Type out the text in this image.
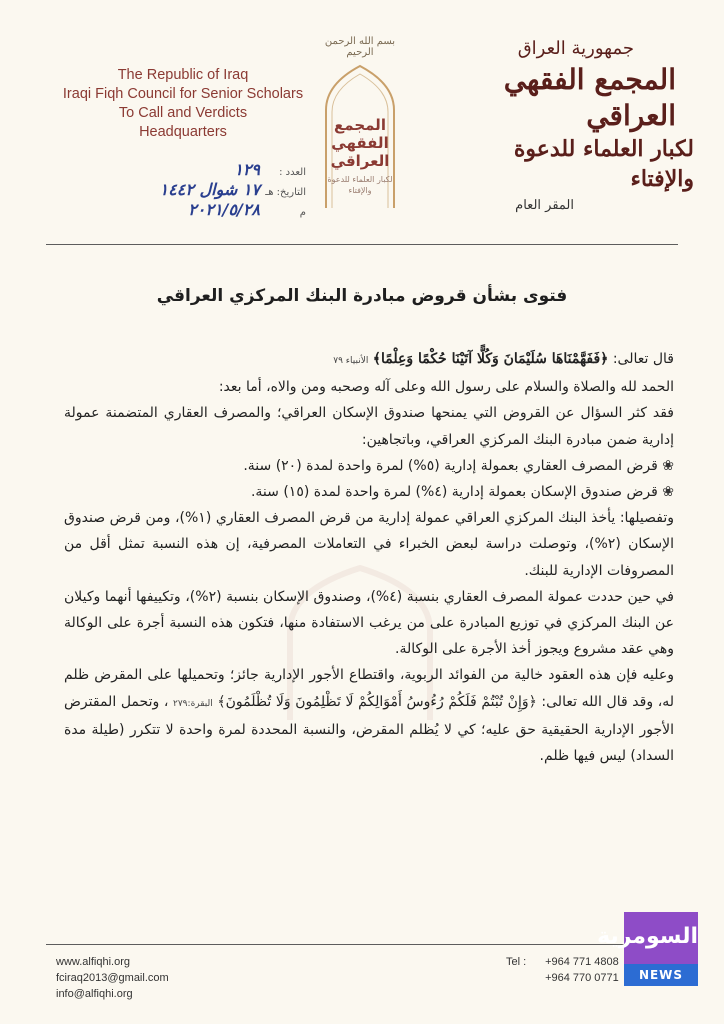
The Republic of Iraq
Iraqi Fiqh Council for Senior Scholars
To Call and Verdicts
Headquarters
بسم الله الرحمن الرحيم
المجمع الفقهي العراقي
لكبار العلماء للدعوة والإفتاء
جمهورية العراق
المجمع الفقهي العراقي
لكبار العلماء للدعوة والإفتاء
المقر العام
العدد :
١٢٩
التاريخ: هـ
١٧ شوال ١٤٤٢
م
٢٠٢١/٥/٢٨
فتوى بشأن قروض مبادرة البنك المركزي العراقي

قال تعالى: ﴿فَفَهَّمْنَاهَا سُلَيْمَانَ وَكُلًّا آتَيْنَا حُكْمًا وَعِلْمًا﴾ الأنبياء ٧٩

الحمد لله والصلاة والسلام على رسول الله وعلى آله وصحبه ومن والاه، أما بعد:

فقد كثر السؤال عن القروض التي يمنحها صندوق الإسكان العراقي؛ والمصرف العقاري المتضمنة عمولة إدارية ضمن مبادرة البنك المركزي العراقي، وباتجاهين:

❀ قرض المصرف العقاري بعمولة إدارية (٥%) لمرة واحدة لمدة (٢٠) سنة.

❀ قرض صندوق الإسكان بعمولة إدارية (٤%) لمرة واحدة لمدة (١٥) سنة.

وتفصيلها: يأخذ البنك المركزي العراقي عمولة إدارية من قرض المصرف العقاري (١%)، ومن قرض صندوق الإسكان (٢%)، وتوصلت دراسة لبعض الخبراء في التعاملات المصرفية، إن هذه النسبة تمثل أقل من المصروفات الإدارية للبنك.

في حين حددت عمولة المصرف العقاري بنسبة (٤%)، وصندوق الإسكان بنسبة (٢%)، وتكييفها أنهما وكيلان عن البنك المركزي في توزيع المبادرة على من يرغب الاستفادة منها، فتكون هذه النسبة أجرة على الوكالة وهي عقد مشروع ويجوز أخذ الأجرة على الوكالة.

وعليه فإن هذه العقود خالية من الفوائد الربوية، واقتطاع الأجور الإدارية جائز؛ وتحميلها على المقرض ظلم له، وقد قال الله تعالى: ﴿وَإِنْ تُبْتُمْ فَلَكُمْ رُءُوسُ أَمْوَالِكُمْ لَا تَظْلِمُونَ وَلَا تُظْلَمُونَ﴾ البقرة:٢٧٩ ، وتحمل المقترض الأجور الإدارية الحقيقية حق عليه؛ كي لا يُظلم المقرض، والنسبة المحددة لمرة واحدة لا تتكرر (طيلة مدة السداد) ليس فيها ظلم.

www.alfiqhi.org
fciraq2013@gmail.com
info@alfiqhi.org
Tel : +964 771 4808
+964 770 0771
السومرية
NEWS
